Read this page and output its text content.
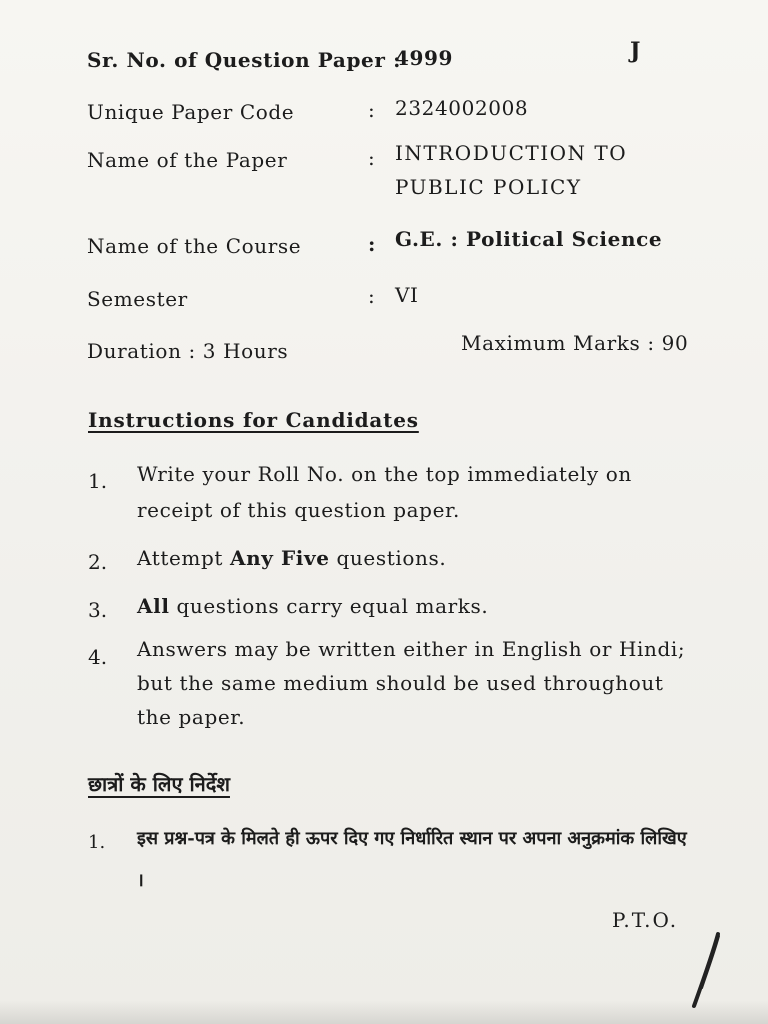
Sr. No. of Question Paper :
4999	J
Unique Paper Code	: 2324002008
Name of the Paper	: INTRODUCTION TO
PUBLIC POLICY
Name of the Course	: G.E. : Political Science
Semester	: VI
Duration : 3 Hours	Maximum Marks : 90
Instructions for Candidates
1. Write your Roll No. on the top immediately on receipt of this question paper.
2. Attempt Any Five questions.
3. All questions carry equal marks.
4. Answers may be written either in English or Hindi; but the same medium should be used throughout the paper.
छात्रों के लिए निर्देश
1. इस प्रश्न-पत्र के मिलते ही ऊपर दिए गए निर्धारित स्थान पर अपना अनुक्रमांक लिखिए ।
P.T.O.
